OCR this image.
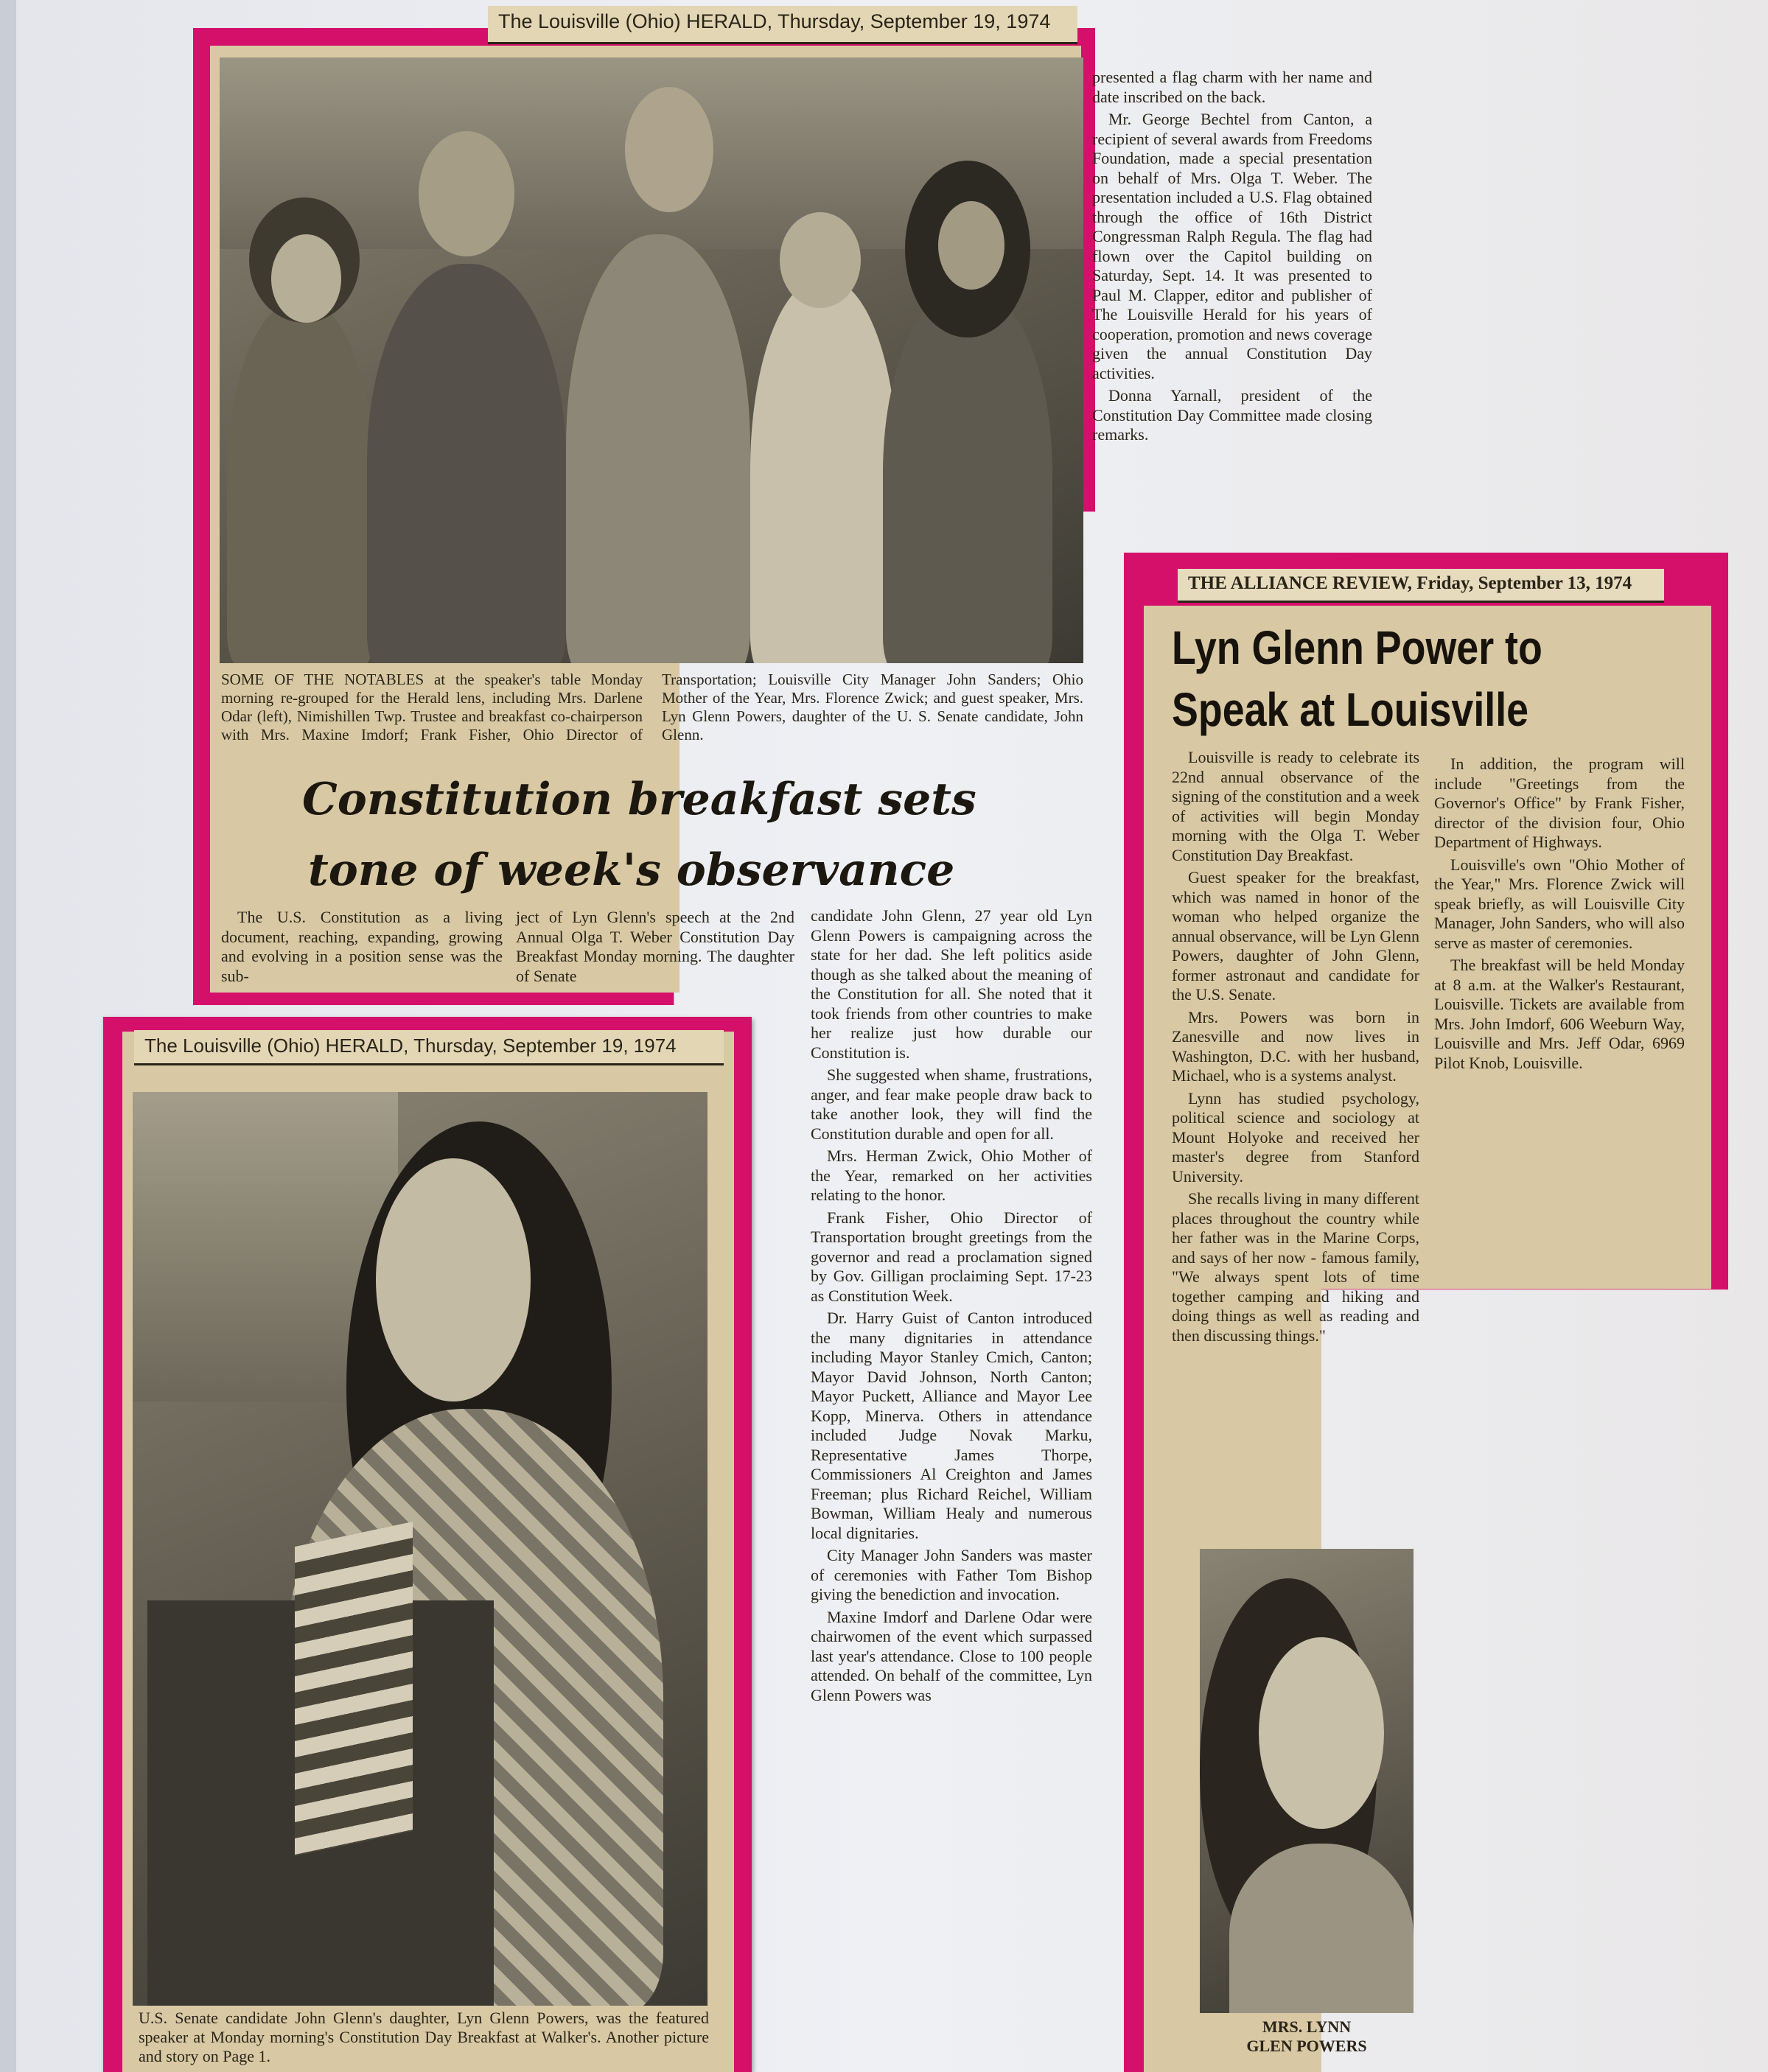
The Louisville (Ohio) HERALD, Thursday, September 19, 1974
SOME OF THE NOTABLES at the speaker's table Monday morning re-grouped for the Herald lens, including Mrs. Darlene Odar (left), Nimishillen Twp. Trustee and breakfast co-chairperson with Mrs. Maxine Imdorf; Frank Fisher, Ohio Director of Transportation; Louisville City Manager John Sanders; Ohio Mother of the Year, Mrs. Florence Zwick; and guest speaker, Mrs. Lyn Glenn Powers, daughter of the U. S. Senate candidate, John Glenn.
Constitution breakfast sets
tone of week's observance

The U.S. Constitution as a living document, reaching, expanding, growing and evolving in a position sense was the sub-

ject of Lyn Glenn's speech at the 2nd Annual Olga T. Weber Constitution Day Breakfast Monday morning. The daughter of Senate

candidate John Glenn, 27 year old Lyn Glenn Powers is campaigning across the state for her dad. She left politics aside though as she talked about the meaning of the Constitution for all. She noted that it took friends from other countries to make her realize just how durable our Constitution is.

She suggested when shame, frustrations, anger, and fear make people draw back to take another look, they will find the Constitution durable and open for all.

Mrs. Herman Zwick, Ohio Mother of the Year, remarked on her activities relating to the honor.

Frank Fisher, Ohio Director of Transportation brought greetings from the governor and read a proclamation signed by Gov. Gilligan proclaiming Sept. 17-23 as Constitution Week.

Dr. Harry Guist of Canton introduced the many dignitaries in attendance including Mayor Stanley Cmich, Canton; Mayor David Johnson, North Canton; Mayor Puckett, Alliance and Mayor Lee Kopp, Minerva. Others in attendance included Judge Novak Marku, Representative James Thorpe, Commissioners Al Creighton and James Freeman; plus Richard Reichel, William Bowman, William Healy and numerous local dignitaries.

City Manager John Sanders was master of ceremonies with Father Tom Bishop giving the benediction and invocation.

Maxine Imdorf and Darlene Odar were chairwomen of the event which surpassed last year's attendance. Close to 100 people attended. On behalf of the committee, Lyn Glenn Powers was

presented a flag charm with her name and date inscribed on the back.

Mr. George Bechtel from Canton, a recipient of several awards from Freedoms Foundation, made a special presentation on behalf of Mrs. Olga T. Weber. The presentation included a U.S. Flag obtained through the office of 16th District Congressman Ralph Regula. The flag had flown over the Capitol building on Saturday, Sept. 14. It was presented to Paul M. Clapper, editor and publisher of The Louisville Herald for his years of cooperation, promotion and news coverage given the annual Constitution Day activities.

Donna Yarnall, president of the Constitution Day Committee made closing remarks.

The Louisville (Ohio) HERALD, Thursday, September 19, 1974
U.S. Senate candidate John Glenn's daughter, Lyn Glenn Powers, was the featured speaker at Monday morning's Constitution Day Breakfast at Walker's. Another picture and story on Page 1.
THE ALLIANCE REVIEW, Friday, September 13, 1974
Lyn Glenn Power to
Speak at Louisville

Louisville is ready to celebrate its 22nd annual observance of the signing of the constitution and a week of activities will begin Monday morning with the Olga T. Weber Constitution Day Breakfast.

Guest speaker for the breakfast, which was named in honor of the woman who helped organize the annual observance, will be Lyn Glenn Powers, daughter of John Glenn, former astronaut and candidate for the U.S. Senate.

Mrs. Powers was born in Zanesville and now lives in Washington, D.C. with her husband, Michael, who is a systems analyst.

Lynn has studied psychology, political science and sociology at Mount Holyoke and received her master's degree from Stanford University.

She recalls living in many different places throughout the country while her father was in the Marine Corps, and says of her now - famous family, "We always spent lots of time together camping and hiking and doing things as well as reading and then discussing things."

In addition, the program will include "Greetings from the Governor's Office" by Frank Fisher, director of the division four, Ohio Department of Highways.

Louisville's own "Ohio Mother of the Year," Mrs. Florence Zwick will speak briefly, as will Louisville City Manager, John Sanders, who will also serve as master of ceremonies.

The breakfast will be held Monday at 8 a.m. at the Walker's Restaurant, Louisville. Tickets are available from Mrs. John Imdorf, 606 Weeburn Way, Louisville and Mrs. Jeff Odar, 6969 Pilot Knob, Louisville.

MRS. LYNN
GLEN POWERS
